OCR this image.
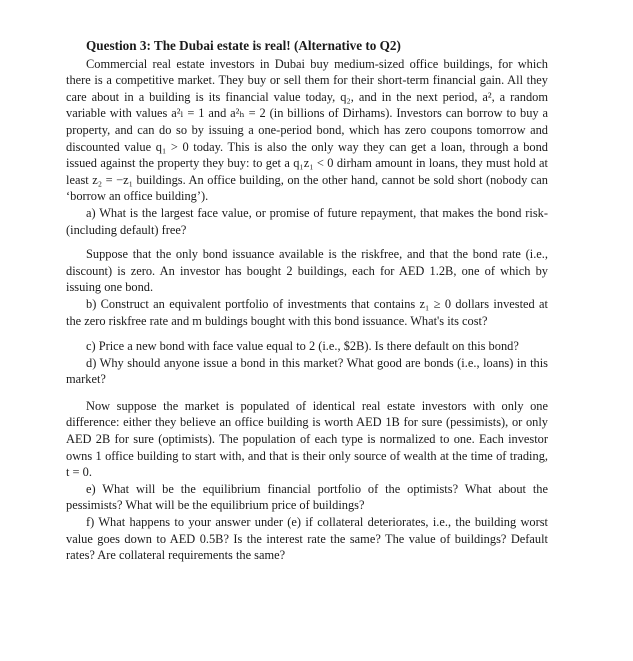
Question 3: The Dubai estate is real! (Alternative to Q2)

Commercial real estate investors in Dubai buy medium-sized office buildings, for which there is a competitive market. They buy or sell them for their short-term financial gain. All they care about in a building is its financial value today, q₂, and in the next period, a², a random variable with values a²ₗ = 1 and a²ₕ = 2 (in billions of Dirhams). Investors can borrow to buy a property, and can do so by issuing a one-period bond, which has zero coupons tomorrow and discounted value q₁ > 0 today. This is also the only way they can get a loan, through a bond issued against the property they buy: to get a q₁z₁ < 0 dirham amount in loans, they must hold at least z₂ = −z₁ buildings. An office building, on the other hand, cannot be sold short (nobody can ‘borrow an office building’).

a) What is the largest face value, or promise of future repayment, that makes the bond risk- (including default) free?

Suppose that the only bond issuance available is the riskfree, and that the bond rate (i.e., discount) is zero. An investor has bought 2 buildings, each for AED 1.2B, one of which by issuing one bond.

b) Construct an equivalent portfolio of investments that contains z₁ ≥ 0 dollars invested at the zero riskfree rate and m buldings bought with this bond issuance. What's its cost?

c) Price a new bond with face value equal to 2 (i.e., $2B). Is there default on this bond?

d) Why should anyone issue a bond in this market? What good are bonds (i.e., loans) in this market?

Now suppose the market is populated of identical real estate investors with only one difference: either they believe an office building is worth AED 1B for sure (pessimists), or only AED 2B for sure (optimists). The population of each type is normalized to one. Each investor owns 1 office building to start with, and that is their only source of wealth at the time of trading, t = 0.

e) What will be the equilibrium financial portfolio of the optimists? What about the pessimists? What will be the equilibrium price of buildings?

f) What happens to your answer under (e) if collateral deteriorates, i.e., the building worst value goes down to AED 0.5B? Is the interest rate the same? The value of buildings? Default rates? Are collateral requirements the same?
